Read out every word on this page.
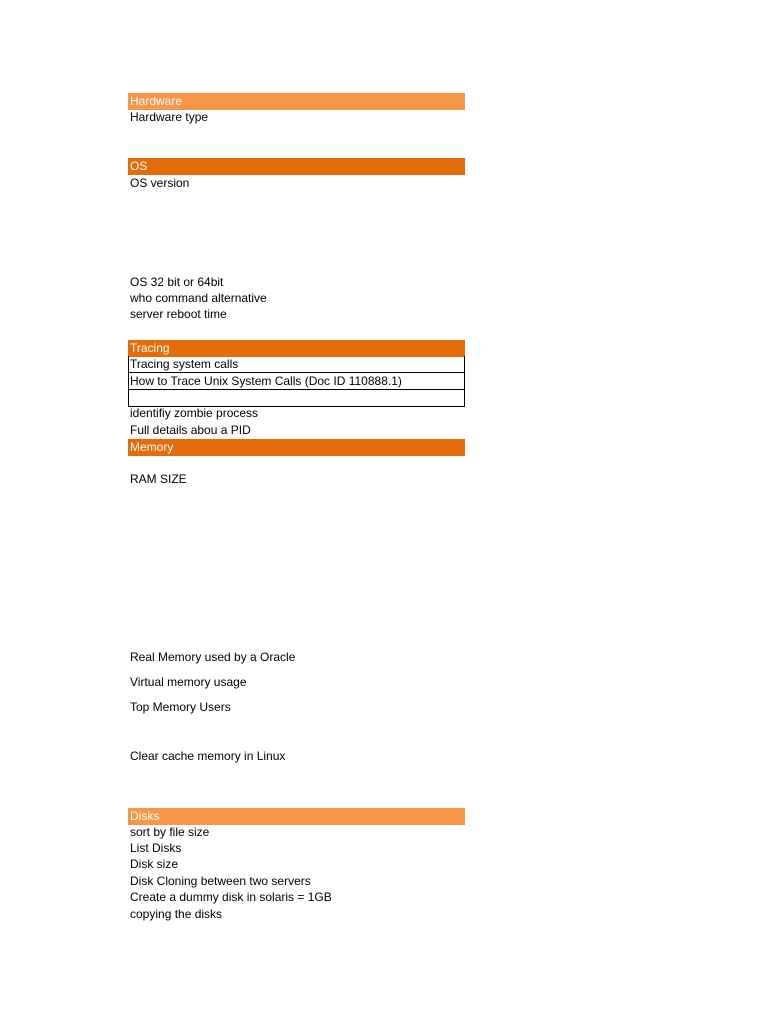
Hardware
Hardware type
OS
OS version
OS 32 bit or 64bit
who command alternative
server reboot time
Tracing
Tracing system calls
How to Trace Unix System Calls (Doc ID 110888.1)
identifiy zombie process
Full details abou a PID
Memory
RAM SIZE
Real Memory used by a Oracle
Virtual memory usage
Top Memory Users
Clear cache memory in Linux
Disks
sort by file size
List Disks
Disk size
Disk Cloning between two servers
Create a dummy disk in solaris = 1GB
copying the disks
